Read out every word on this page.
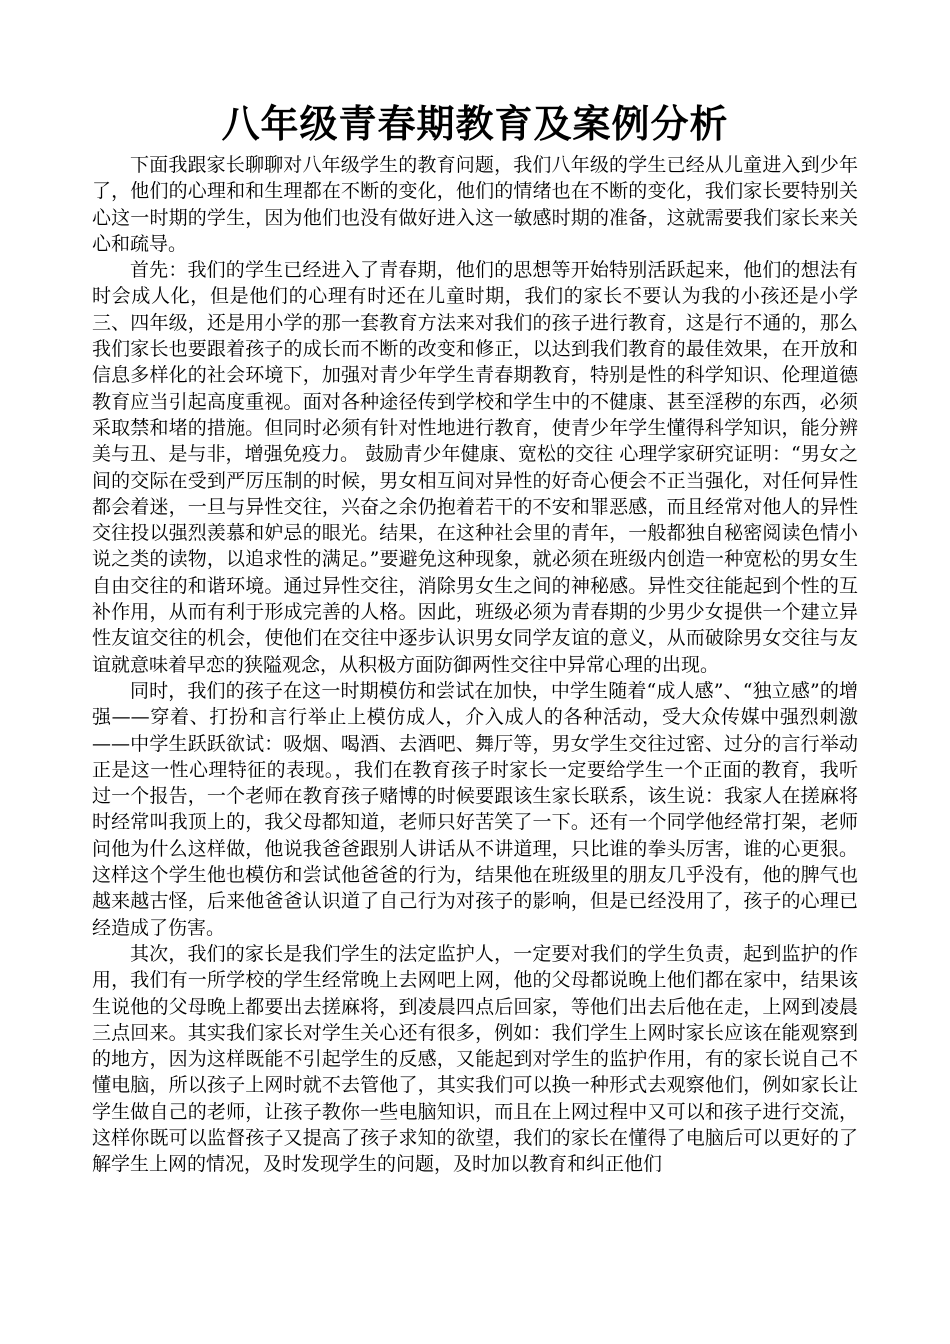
八年级青春期教育及案例分析

下面我跟家长聊聊对八年级学生的教育问题，我们八年级的学生已经从儿童进入到少年了，他们的心理和和生理都在不断的变化，他们的情绪也在不断的变化，我们家长要特别关心这一时期的学生，因为他们也没有做好进入这一敏感时期的准备，这就需要我们家长来关心和疏导。

首先：我们的学生已经进入了青春期，他们的思想等开始特别活跃起来，他们的想法有时会成人化，但是他们的心理有时还在儿童时期，我们的家长不要认为我的小孩还是小学三、四年级，还是用小学的那一套教育方法来对我们的孩子进行教育，这是行不通的，那么我们家长也要跟着孩子的成长而不断的改变和修正，以达到我们教育的最佳效果，在开放和信息多样化的社会环境下，加强对青少年学生青春期教育，特别是性的科学知识、伦理道德教育应当引起高度重视。面对各种途径传到学校和学生中的不健康、甚至淫秽的东西，必须采取禁和堵的措施。但同时必须有针对性地进行教育，使青少年学生懂得科学知识，能分辨美与丑、是与非，增强免疫力。 鼓励青少年健康、宽松的交往 心理学家研究证明：“男女之间的交际在受到严厉压制的时候，男女相互间对异性的好奇心便会不正当强化，对任何异性都会着迷，一旦与异性交往，兴奋之余仍抱着若干的不安和罪恶感，而且经常对他人的异性交往投以强烈羡慕和妒忌的眼光。结果，在这种社会里的青年，一般都独自秘密阅读色情小说之类的读物，以追求性的满足。”要避免这种现象，就必须在班级内创造一种宽松的男女生自由交往的和谐环境。通过异性交往，消除男女生之间的神秘感。异性交往能起到个性的互补作用，从而有利于形成完善的人格。因此，班级必须为青春期的少男少女提供一个建立异性友谊交往的机会，使他们在交往中逐步认识男女同学友谊的意义，从而破除男女交往与友谊就意味着早恋的狭隘观念，从积极方面防御两性交往中异常心理的出现。

同时，我们的孩子在这一时期模仿和尝试在加快，中学生随着“成人感”、“独立感”的增强——穿着、打扮和言行举止上模仿成人，介入成人的各种活动，受大众传媒中强烈刺激——中学生跃跃欲试：吸烟、喝酒、去酒吧、舞厅等，男女学生交往过密、过分的言行举动正是这一性心理特征的表现。，我们在教育孩子时家长一定要给学生一个正面的教育，我听过一个报告，一个老师在教育孩子赌博的时候要跟该生家长联系，该生说：我家人在搓麻将时经常叫我顶上的，我父母都知道，老师只好苦笑了一下。还有一个同学他经常打架，老师问他为什么这样做，他说我爸爸跟别人讲话从不讲道理，只比谁的拳头厉害，谁的心更狠。这样这个学生他也模仿和尝试他爸爸的行为，结果他在班级里的朋友几乎没有，他的脾气也越来越古怪，后来他爸爸认识道了自己行为对孩子的影响，但是已经没用了，孩子的心理已经造成了伤害。

其次，我们的家长是我们学生的法定监护人，一定要对我们的学生负责，起到监护的作用，我们有一所学校的学生经常晚上去网吧上网，他的父母都说晚上他们都在家中，结果该生说他的父母晚上都要出去搓麻将，到凌晨四点后回家，等他们出去后他在走，上网到凌晨三点回来。其实我们家长对学生关心还有很多，例如：我们学生上网时家长应该在能观察到的地方，因为这样既能不引起学生的反感，又能起到对学生的监护作用，有的家长说自己不懂电脑，所以孩子上网时就不去管他了，其实我们可以换一种形式去观察他们，例如家长让学生做自己的老师，让孩子教你一些电脑知识，而且在上网过程中又可以和孩子进行交流，这样你既可以监督孩子又提高了孩子求知的欲望，我们的家长在懂得了电脑后可以更好的了解学生上网的情况，及时发现学生的问题，及时加以教育和纠正他们
